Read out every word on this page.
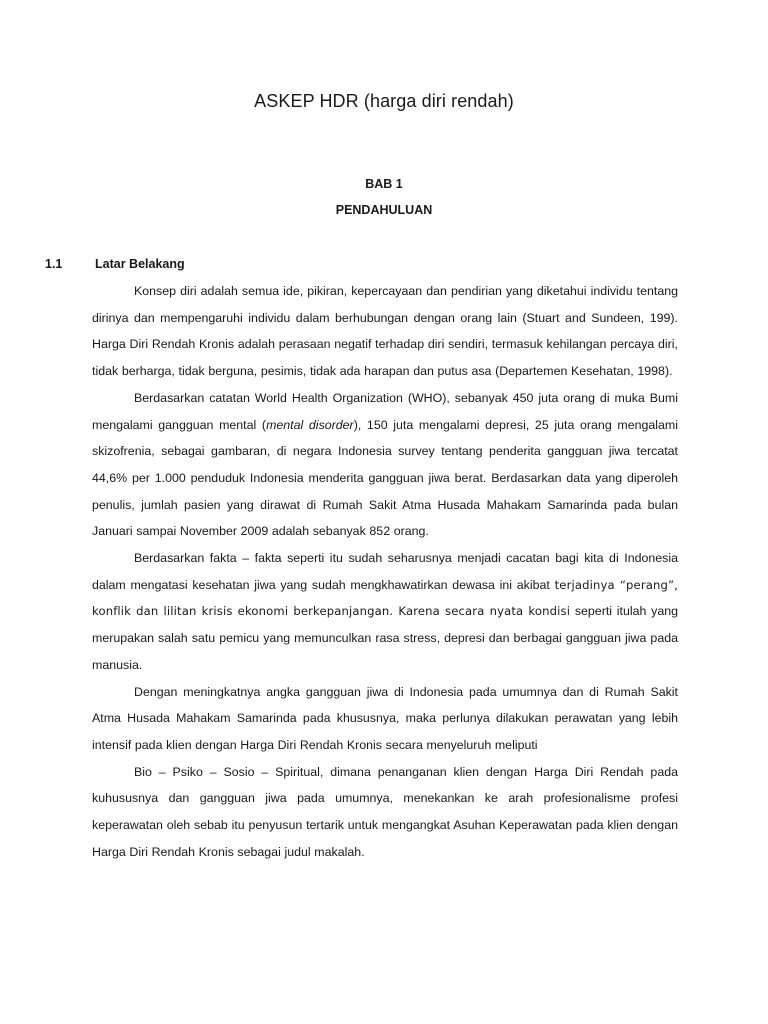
ASKEP HDR (harga diri rendah)
BAB 1
PENDAHULUAN
1.1	Latar Belakang

Konsep diri adalah semua ide, pikiran, kepercayaan dan pendirian yang diketahui individu tentang dirinya dan mempengaruhi individu dalam berhubungan dengan orang lain (Stuart and Sundeen, 199). Harga Diri Rendah Kronis adalah perasaan negatif terhadap diri sendiri, termasuk kehilangan percaya diri, tidak berharga, tidak berguna, pesimis, tidak ada harapan dan putus asa (Departemen Kesehatan, 1998).

Berdasarkan catatan World Health Organization (WHO), sebanyak 450 juta orang di muka Bumi mengalami gangguan mental (mental disorder), 150 juta mengalami depresi, 25 juta orang mengalami skizofrenia, sebagai gambaran, di negara Indonesia survey tentang penderita gangguan jiwa tercatat 44,6% per 1.000 penduduk Indonesia menderita gangguan jiwa berat. Berdasarkan data yang diperoleh penulis, jumlah pasien yang dirawat di Rumah Sakit Atma Husada Mahakam Samarinda pada bulan Januari sampai November 2009 adalah sebanyak 852 orang.

Berdasarkan fakta – fakta seperti itu sudah seharusnya menjadi cacatan bagi kita di Indonesia dalam mengatasi kesehatan jiwa yang sudah mengkhawatirkan dewasa ini akibat terjadinya “perang”, konflik dan lilitan krisis ekonomi berkepanjangan. Karena secara nyata kondisi seperti itulah yang merupakan salah satu pemicu yang memunculkan rasa stress, depresi dan berbagai gangguan jiwa pada manusia.

Dengan meningkatnya angka gangguan jiwa di Indonesia pada umumnya dan di Rumah Sakit Atma Husada Mahakam Samarinda pada khususnya, maka perlunya dilakukan perawatan yang lebih intensif pada klien dengan Harga Diri Rendah Kronis secara menyeluruh meliputi

Bio – Psiko – Sosio – Spiritual, dimana penanganan klien dengan Harga Diri Rendah pada kuhususnya dan gangguan jiwa pada umumnya, menekankan ke arah profesionalisme profesi keperawatan oleh sebab itu penyusun tertarik untuk mengangkat Asuhan Keperawatan pada klien dengan Harga Diri Rendah Kronis sebagai judul makalah.
